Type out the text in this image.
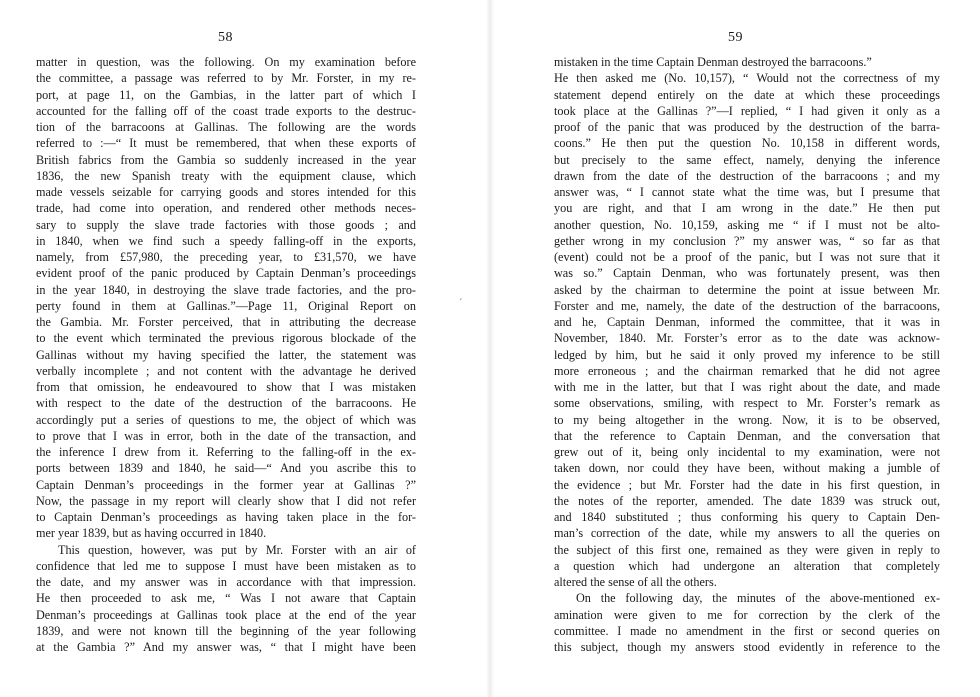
58
matter in question, was the following. On my examination before
the committee, a passage was referred to by Mr. Forster, in my re-
port, at page 11, on the Gambias, in the latter part of which I
accounted for the falling off of the coast trade exports to the destruc-
tion of the barracoons at Gallinas. The following are the words
referred to :—“ It must be remembered, that when these exports of
British fabrics from the Gambia so suddenly increased in the year
1836, the new Spanish treaty with the equipment clause, which
made vessels seizable for carrying goods and stores intended for this
trade, had come into operation, and rendered other methods neces-
sary to supply the slave trade factories with those goods ; and
in 1840, when we find such a speedy falling-off in the exports,
namely, from £57,980, the preceding year, to £31,570, we have
evident proof of the panic produced by Captain Denman’s proceedings
in the year 1840, in destroying the slave trade factories, and the pro-
perty found in them at Gallinas.”—Page 11, Original Report on
the Gambia. Mr. Forster perceived, that in attributing the decrease
to the event which terminated the previous rigorous blockade of the
Gallinas without my having specified the latter, the statement was
verbally incomplete ; and not content with the advantage he derived
from that omission, he endeavoured to show that I was mistaken
with respect to the date of the destruction of the barracoons. He
accordingly put a series of questions to me, the object of which was
to prove that I was in error, both in the date of the transaction, and
the inference I drew from it. Referring to the falling-off in the ex-
ports between 1839 and 1840, he said—“ And you ascribe this to
Captain Denman’s proceedings in the former year at Gallinas ?”
Now, the passage in my report will clearly show that I did not refer
to Captain Denman’s proceedings as having taken place in the for-
mer year 1839, but as having occurred in 1840.
This question, however, was put by Mr. Forster with an air of
confidence that led me to suppose I must have been mistaken as to
the date, and my answer was in accordance with that impression.
He then proceeded to ask me, “ Was I not aware that Captain
Denman’s proceedings at Gallinas took place at the end of the year
1839, and were not known till the beginning of the year following
at the Gambia ?” And my answer was, “ that I might have been
´
59
mistaken in the time Captain Denman destroyed the barracoons.”
He then asked me (No. 10,157), “ Would not the correctness of my
statement depend entirely on the date at which these proceedings
took place at the Gallinas ?”—I replied, “ I had given it only as a
proof of the panic that was produced by the destruction of the barra-
coons.” He then put the question No. 10,158 in different words,
but precisely to the same effect, namely, denying the inference
drawn from the date of the destruction of the barracoons ; and my
answer was, “ I cannot state what the time was, but I presume that
you are right, and that I am wrong in the date.” He then put
another question, No. 10,159, asking me “ if I must not be alto-
gether wrong in my conclusion ?” my answer was, “ so far as that
(event) could not be a proof of the panic, but I was not sure that it
was so.” Captain Denman, who was fortunately present, was then
asked by the chairman to determine the point at issue between Mr.
Forster and me, namely, the date of the destruction of the barracoons,
and he, Captain Denman, informed the committee, that it was in
November, 1840. Mr. Forster’s error as to the date was acknow-
ledged by him, but he said it only proved my inference to be still
more erroneous ; and the chairman remarked that he did not agree
with me in the latter, but that I was right about the date, and made
some observations, smiling, with respect to Mr. Forster’s remark as
to my being altogether in the wrong. Now, it is to be observed,
that the reference to Captain Denman, and the conversation that
grew out of it, being only incidental to my examination, were not
taken down, nor could they have been, without making a jumble of
the evidence ; but Mr. Forster had the date in his first question, in
the notes of the reporter, amended. The date 1839 was struck out,
and 1840 substituted ; thus conforming his query to Captain Den-
man’s correction of the date, while my answers to all the queries on
the subject of this first one, remained as they were given in reply to
a question which had undergone an alteration that completely
altered the sense of all the others.
On the following day, the minutes of the above-mentioned ex-
amination were given to me for correction by the clerk of the
committee. I made no amendment in the first or second queries on
this subject, though my answers stood evidently in reference to the
